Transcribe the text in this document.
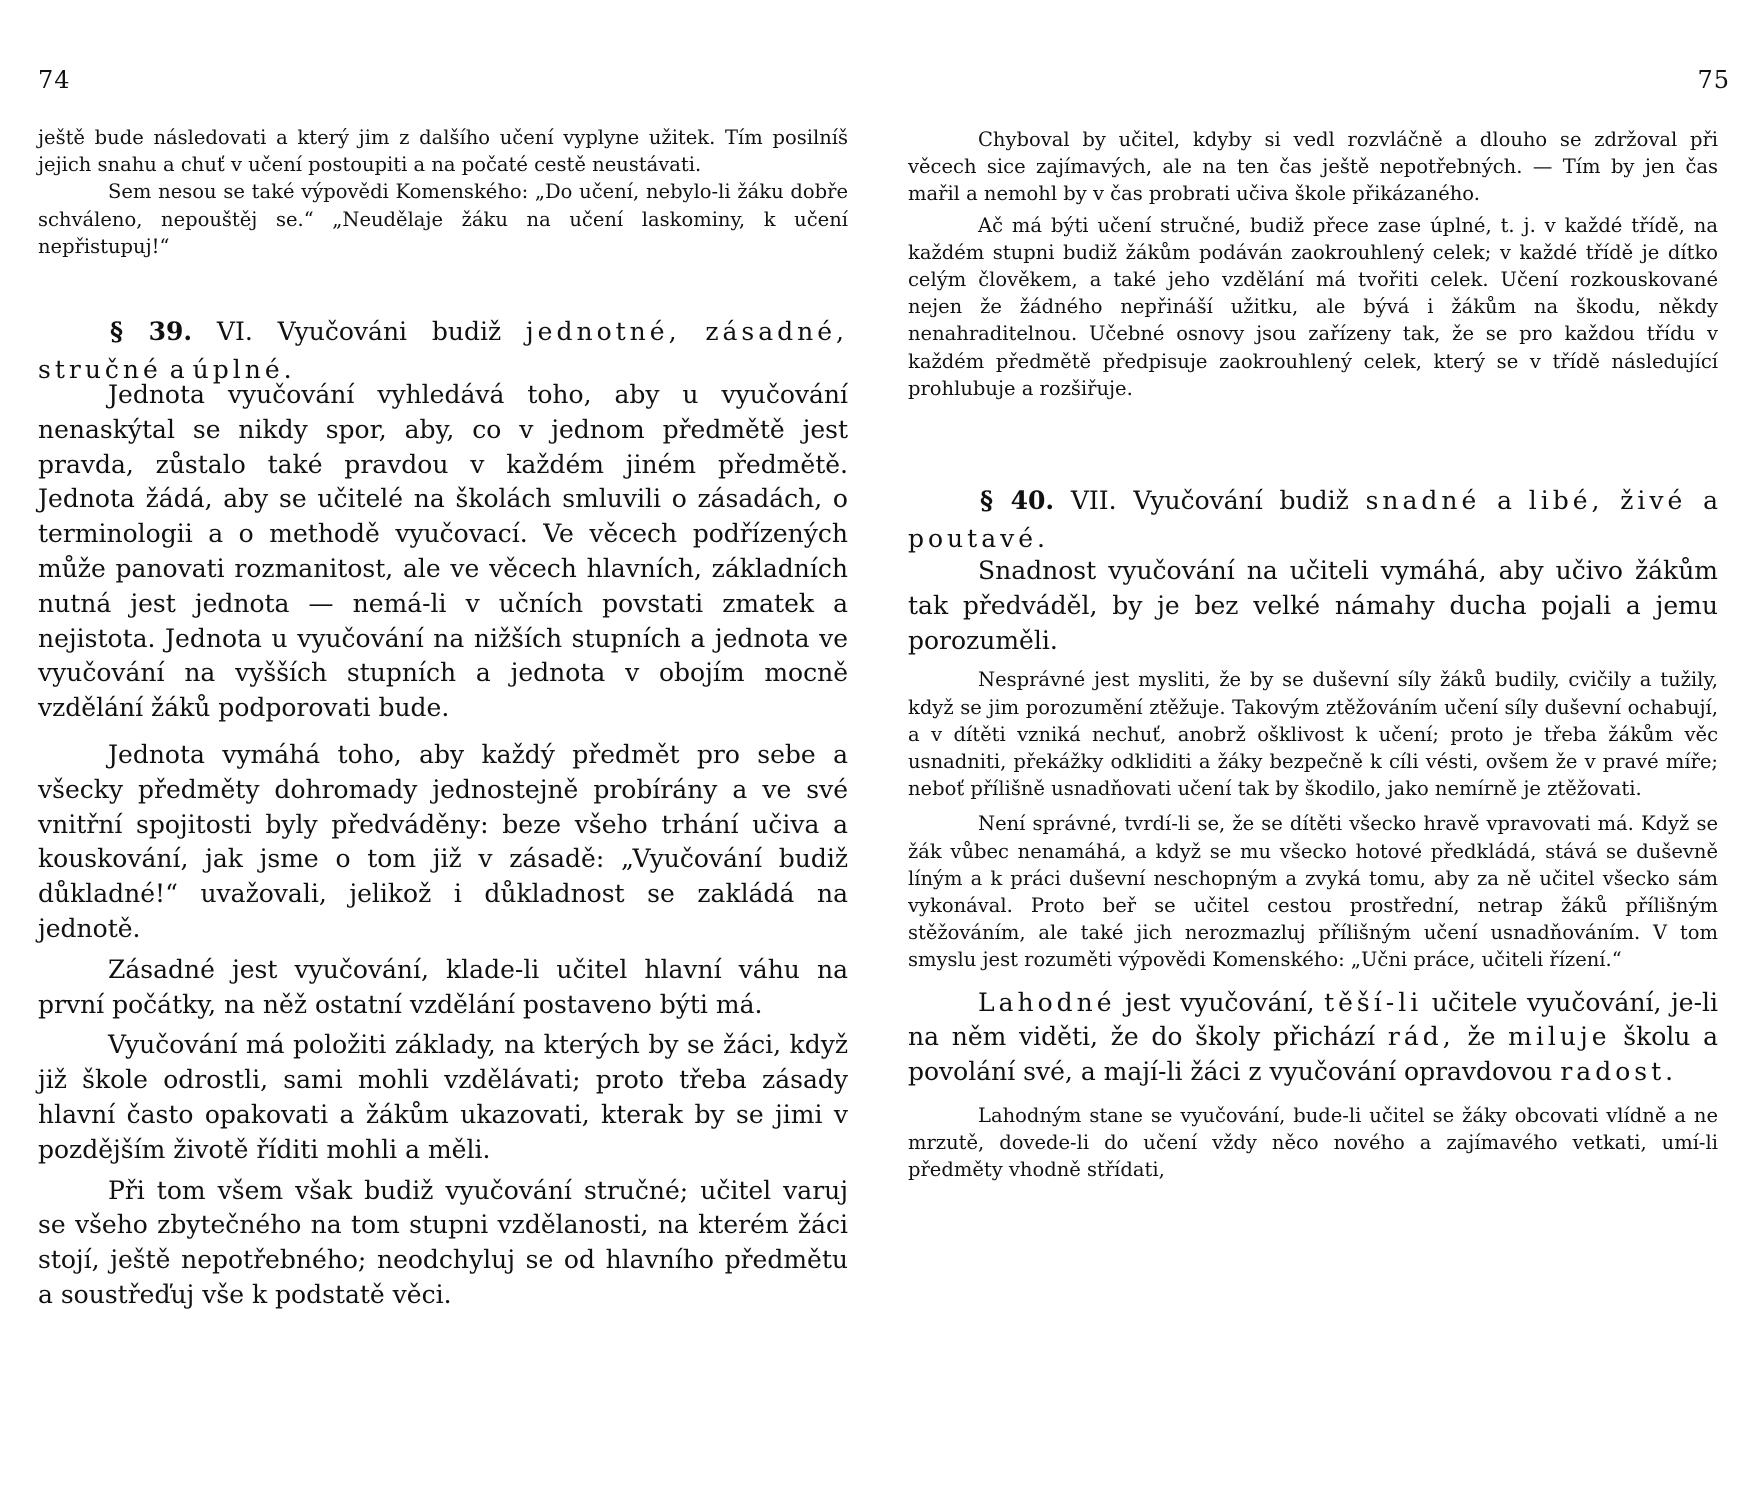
74

ještě bude následovati a který jim z dalšího učení vyplyne užitek. Tím posilníš jejich snahu a chuť v učení postoupiti a na počaté cestě neustávati.

Sem nesou se také výpovědi Komenského: „Do učení, nebylo-li žáku dobře schváleno, nepouštěj se.“ „Neudělaje žáku na učení laskominy, k učení nepřistupuj!“

§ 39. VI. Vyučováni budiž jednotné, zásadné, stručné a úplné.

Jednota vyučování vyhledává toho, aby u vyučování nenaskýtal se nikdy spor, aby, co v jednom předmětě jest pravda, zůstalo také pravdou v každém jiném předmětě. Jednota žádá, aby se učitelé na školách smluvili o zásadách, o terminologii a o methodě vyučovací. Ve věcech podřízených může panovati rozmanitost, ale ve věcech hlavních, základních nutná jest jednota — nemá-li v učních povstati zmatek a nejistota. Jednota u vyučování na nižších stupních a jednota ve vyučování na vyšších stupních a jednota v obojím mocně vzdělání žáků podporovati bude.

Jednota vymáhá toho, aby každý předmět pro sebe a všecky předměty dohromady jednostejně probírány a ve své vnitřní spojitosti byly předváděny: beze všeho trhání učiva a kouskování, jak jsme o tom již v zásadě: „Vyučování budiž důkladné!“ uvažovali, jelikož i důkladnost se zakládá na jednotě.

Zásadné jest vyučování, klade-li učitel hlavní váhu na první počátky, na něž ostatní vzdělání postaveno býti má.

Vyučování má položiti základy, na kterých by se žáci, když již škole odrostli, sami mohli vzdělávati; proto třeba zásady hlavní často opakovati a žákům ukazovati, kterak by se jimi v pozdějším životě říditi mohli a měli.

Při tom všem však budiž vyučování stručné; učitel varuj se všeho zbytečného na tom stupni vzdělanosti, na kterém žáci stojí, ještě nepotřebného; neodchyluj se od hlavního předmětu a soustřeďuj vše k podstatě věci.

75

Chyboval by učitel, kdyby si vedl rozvláčně a dlouho se zdržoval při věcech sice zajímavých, ale na ten čas ještě nepotřebných. — Tím by jen čas mařil a nemohl by v čas probrati učiva škole přikázaného.

Ač má býti učení stručné, budiž přece zase úplné, t. j. v každé třídě, na každém stupni budiž žákům podáván zaokrouhlený celek; v každé třídě je dítko celým člověkem, a také jeho vzdělání má tvořiti celek. Učení rozkouskované nejen že žádného nepřináší užitku, ale bývá i žákům na škodu, někdy nenahraditelnou. Učebné osnovy jsou zařízeny tak, že se pro každou třídu v každém předmětě předpisuje zaokrouhlený celek, který se v třídě následující prohlubuje a rozšiřuje.

§ 40. VII. Vyučování budiž snadné a libé, živé a poutavé.

Snadnost vyučování na učiteli vymáhá, aby učivo žákům tak předváděl, by je bez velké námahy ducha pojali a jemu porozuměli.

Nesprávné jest mysliti, že by se duševní síly žáků budily, cvičily a tužily, když se jim porozumění ztěžuje. Takovým ztěžováním učení síly duševní ochabují, a v dítěti vzniká nechuť, anobrž ošklivost k učení; proto je třeba žákům věc usnadniti, překážky odkliditi a žáky bezpečně k cíli vésti, ovšem že v pravé míře; neboť přílišně usnadňovati učení tak by škodilo, jako nemírně je ztěžovati.

Není správné, tvrdí-li se, že se dítěti všecko hravě vpravovati má. Když se žák vůbec nenamáhá, a když se mu všecko hotové předkládá, stává se duševně líným a k práci duševní neschopným a zvyká tomu, aby za ně učitel všecko sám vykonával. Proto beř se učitel cestou prostřední, netrap žáků přílišným stěžováním, ale také jich nerozmazluj přílišným učení usnadňováním. V tom smyslu jest rozuměti výpovědi Komenského: „Učni práce, učiteli řízení.“

Lahodné jest vyučování, těší-li učitele vyučování, je-li na něm viděti, že do školy přichází rád, že miluje školu a povolání své, a mají-li žáci z vyučování opravdovou radost.

Lahodným stane se vyučování, bude-li učitel se žáky obcovati vlídně a ne mrzutě, dovede-li do učení vždy něco nového a zajímavého vetkati, umí-li předměty vhodně střídati,
